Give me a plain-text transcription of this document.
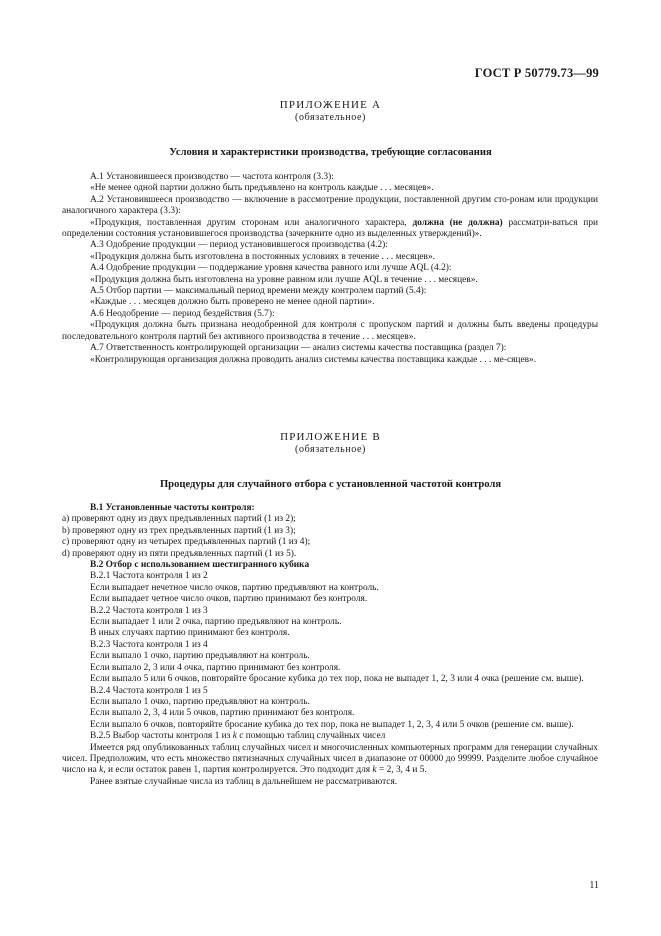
ГОСТ Р 50779.73—99
ПРИЛОЖЕНИЕ А
(обязательное)
Условия и характеристики производства, требующие согласования

А.1 Установившееся производство — частота контроля (3.3):

«Не менее одной партии должно быть предъявлено на контроль каждые . . . месяцев».

А.2 Установившееся производство — включение в рассмотрение продукции, поставленной другим сто-ронам или продукции аналогичного характера (3.3):

«Продукция, поставленная другим сторонам или аналогичного характера, должна (не должна) рассматри-ваться при определении состояния установившегося производства (зачеркните одно из выделенных утверждений)».

А.3 Одобрение продукции — период установившегося производства (4.2):

«Продукция должна быть изготовлена в постоянных условиях в течение . . . месяцев».

А.4 Одобрение продукции — поддержание уровня качества равного или лучше AQL (4.2):

«Продукция должна быть изготовлена на уровне равном или лучше AQL в течение . . . месяцев».

А.5 Отбор партии — максимальный период времени между контролем партий (5.4):

«Каждые . . . месяцев должно быть проверено не менее одной партии».

А.6 Неодобрение — период бездействия (5.7):

«Продукция должна быть признана неодобренной для контроля с пропуском партий и должны быть введены процедуры последовательного контроля партий без активного производства в течение . . . месяцев».

А.7 Ответственность контролирующей организации — анализ системы качества поставщика (раздел 7):

«Контролирующая организация должна проводить анализ системы качества поставщика каждые . . . ме-сяцев».

ПРИЛОЖЕНИЕ В
(обязательное)
Процедуры для случайного отбора с установленной частотой контроля

В.1 Установленные частоты контроля:

a) проверяют одну из двух предъявленных партий (1 из 2);

b) проверяют одну из трех предъявленных партий (1 из 3);

c) проверяют одну из четырех предъявленных партий (1 из 4);

d) проверяют одну из пяти предъявленных партий (1 из 5).

В.2 Отбор с использованием шестигранного кубика

В.2.1 Частота контроля 1 из 2

Если выпадает нечетное число очков, партию предъявляют на контроль.

Если выпадает четное число очков, партию принимают без контроля.

В.2.2 Частота контроля 1 из 3

Если выпадает 1 или 2 очка, партию предъявляют на контроль.

В иных случаях партию принимают без контроля.

В.2.3 Частота контроля 1 из 4

Если выпало 1 очко, партию предъявляют на контроль.

Если выпало 2, 3 или 4 очка, партию принимают без контроля.

Если выпало 5 или 6 очков, повторяйте бросание кубика до тех пор, пока не выпадет 1, 2, 3 или 4 очка (решение см. выше).

В.2.4 Частота контроля 1 из 5

Если выпало 1 очко, партию предъявляют на контроль.

Если выпало 2, 3, 4 или 5 очков, партию принимают без контроля.

Если выпало 6 очков, повторяйте бросание кубика до тех пор, пока не выпадет 1, 2, 3, 4 или 5 очков (решение см. выше).

В.2.5 Выбор частоты контроля 1 из k с помощью таблиц случайных чисел

Имеется ряд опубликованных таблиц случайных чисел и многочисленных компьютерных программ для генерации случайных чисел. Предположим, что есть множество пятизначных случайных чисел в диапазоне от 00000 до 99999. Разделите любое случайное число на k, и если остаток равен 1, партия контролируется. Это подходит для k = 2, 3, 4 и 5.

Ранее взятые случайные числа из таблиц в дальнейшем не рассматриваются.

11
